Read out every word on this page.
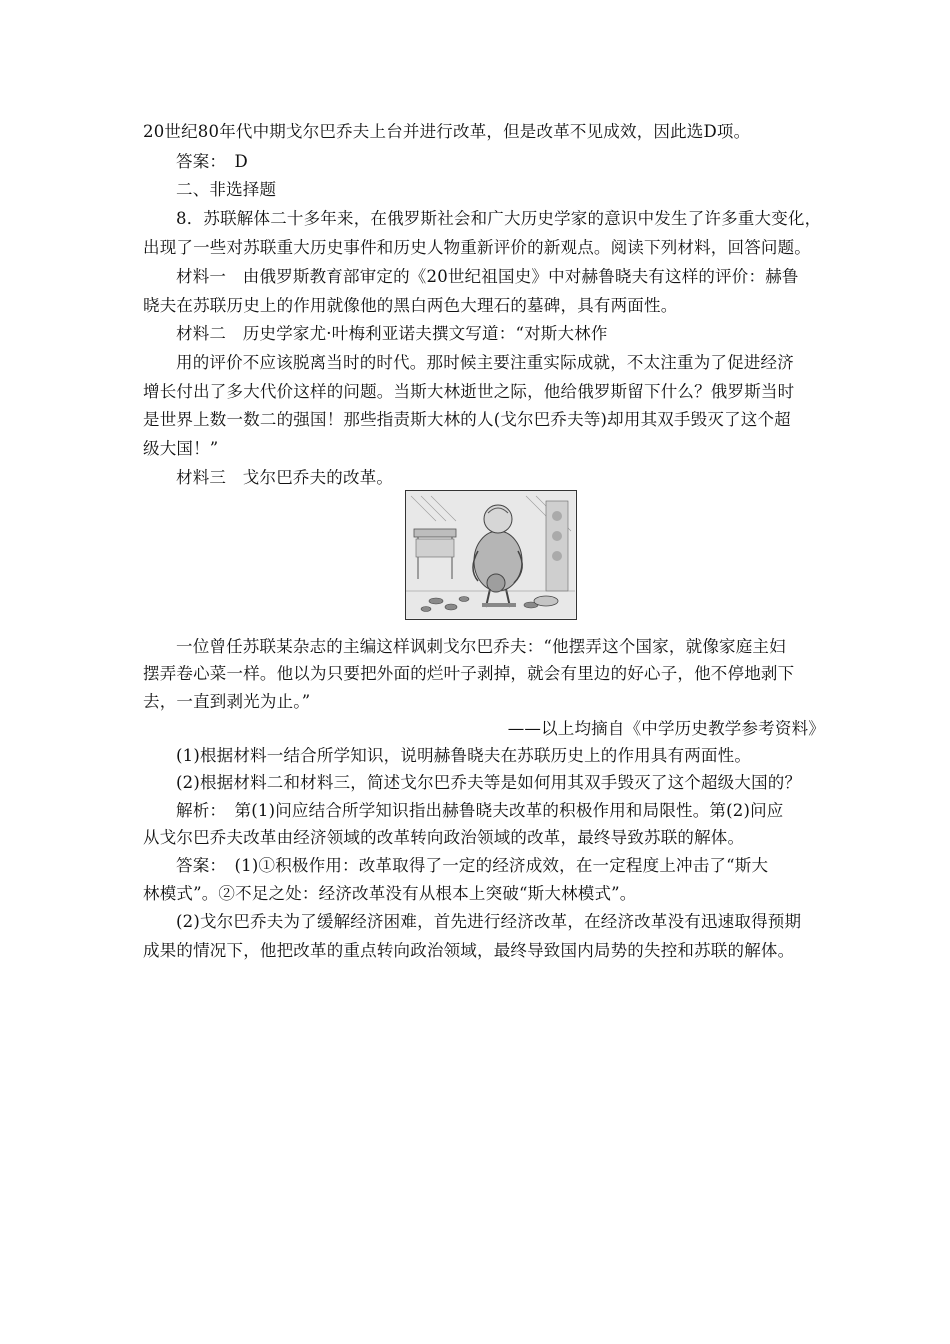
20世纪80年代中期戈尔巴乔夫上台并进行改革，但是改革不见成效，因此选D项。
答案：　D
二、非选择题
8．苏联解体二十多年来，在俄罗斯社会和广大历史学家的意识中发生了许多重大变化，
出现了一些对苏联重大历史事件和历史人物重新评价的新观点。阅读下列材料，回答问题。
材料一　由俄罗斯教育部审定的《20世纪祖国史》中对赫鲁晓夫有这样的评价：赫鲁
晓夫在苏联历史上的作用就像他的黑白两色大理石的墓碑，具有两面性。
材料二　历史学家尤·叶梅利亚诺夫撰文写道：“对斯大林作
用的评价不应该脱离当时的时代。那时候主要注重实际成就，不太注重为了促进经济
增长付出了多大代价这样的问题。当斯大林逝世之际，他给俄罗斯留下什么？俄罗斯当时
是世界上数一数二的强国！那些指责斯大林的人(戈尔巴乔夫等)却用其双手毁灭了这个超
级大国！”
材料三　戈尔巴乔夫的改革。
一位曾任苏联某杂志的主编这样讽刺戈尔巴乔夫：“他摆弄这个国家，就像家庭主妇
摆弄卷心菜一样。他以为只要把外面的烂叶子剥掉，就会有里边的好心子，他不停地剥下
去，一直到剥光为止。”
——以上均摘自《中学历史教学参考资料》
(1)根据材料一结合所学知识，说明赫鲁晓夫在苏联历史上的作用具有两面性。
(2)根据材料二和材料三，简述戈尔巴乔夫等是如何用其双手毁灭了这个超级大国的？
解析：　第(1)问应结合所学知识指出赫鲁晓夫改革的积极作用和局限性。第(2)问应
从戈尔巴乔夫改革由经济领域的改革转向政治领域的改革，最终导致苏联的解体。
答案：　(1)①积极作用：改革取得了一定的经济成效，在一定程度上冲击了“斯大
林模式”。②不足之处：经济改革没有从根本上突破“斯大林模式”。
(2)戈尔巴乔夫为了缓解经济困难，首先进行经济改革，在经济改革没有迅速取得预期
成果的情况下，他把改革的重点转向政治领域，最终导致国内局势的失控和苏联的解体。
